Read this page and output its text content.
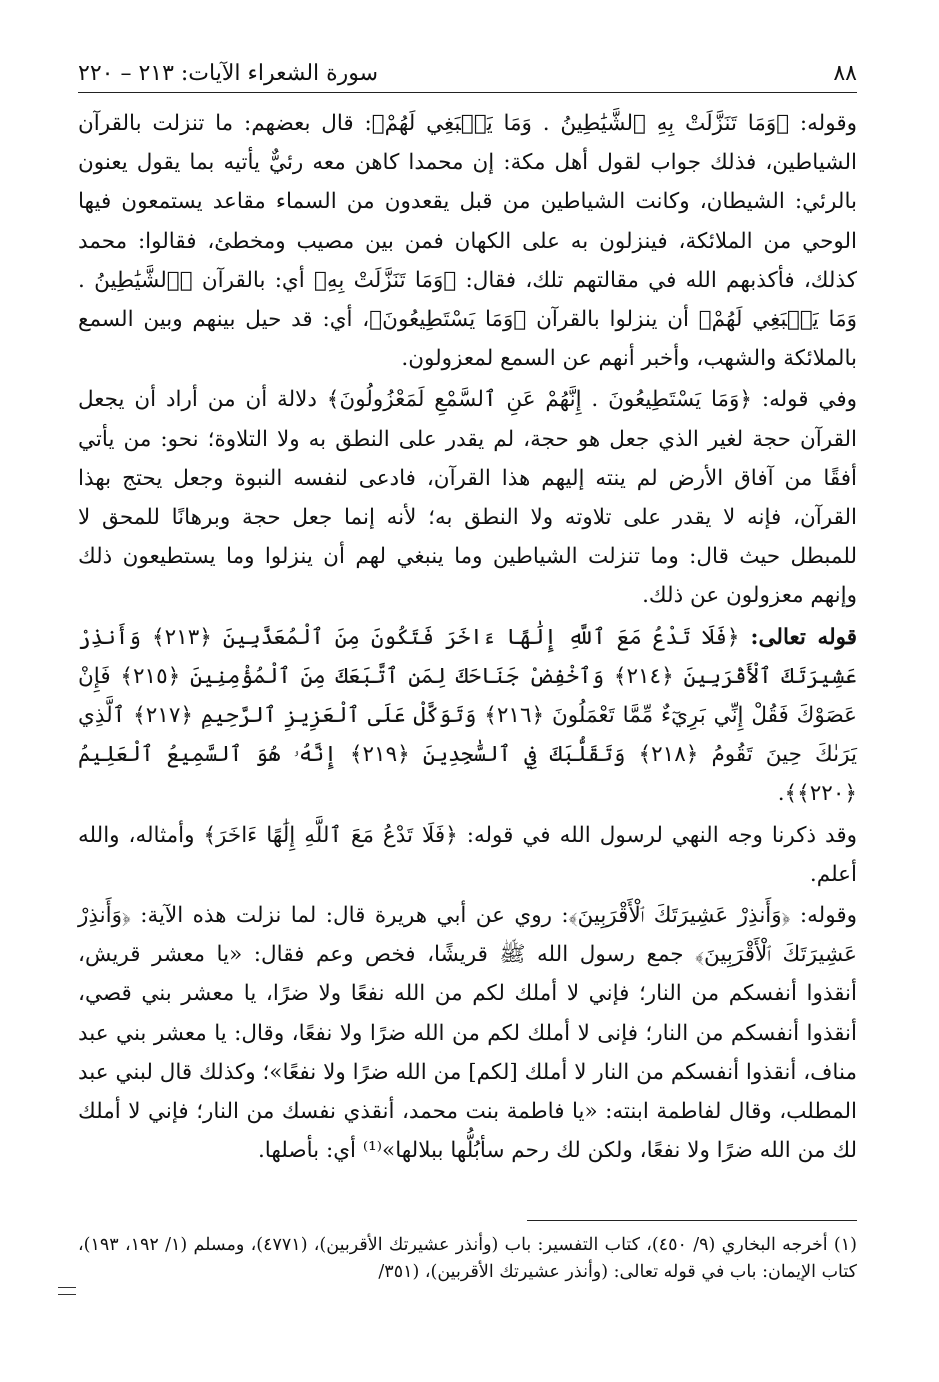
سورة الشعراء الآيات: ٢١٣ – ٢٢٠	٨٨

وقوله: ﴿وَمَا تَنَزَّلَتْ بِهِ ٱلشَّيَٰطِينُ . وَمَا يَنۢبَغِي لَهُمْ﴾: قال بعضهم: ما تنزلت بالقرآن الشياطين، فذلك جواب لقول أهل مكة: إن محمدا كاهن معه رئيٌّ يأتيه بما يقول يعنون بالرئي: الشيطان، وكانت الشياطين من قبل يقعدون من السماء مقاعد يستمعون فيها الوحي من الملائكة، فينزلون به على الكهان فمن بين مصيب ومخطئ، فقالوا: محمد كذلك، فأكذبهم الله في مقالتهم تلك، فقال: ﴿وَمَا تَنَزَّلَتْ بِهِ﴾ أي: بالقرآن ﴿ٱلشَّيَٰطِينُ . وَمَا يَنۢبَغِي لَهُمْ﴾ أن ينزلوا بالقرآن ﴿وَمَا يَسْتَطِيعُونَ﴾، أي: قد حيل بينهم وبين السمع بالملائكة والشهب، وأخبر أنهم عن السمع لمعزولون.

وفي قوله: ﴿وَمَا يَسْتَطِيعُونَ . إِنَّهُمْ عَنِ ٱلسَّمْعِ لَمَعْزُولُونَ﴾ دلالة أن من أراد أن يجعل القرآن حجة لغير الذي جعل هو حجة، لم يقدر على النطق به ولا التلاوة؛ نحو: من يأتي أفقًا من آفاق الأرض لم ينته إليهم هذا القرآن، فادعى لنفسه النبوة وجعل يحتج بهذا القرآن، فإنه لا يقدر على تلاوته ولا النطق به؛ لأنه إنما جعل حجة وبرهانًا للمحق لا للمبطل حيث قال: وما تنزلت الشياطين وما ينبغي لهم أن ينزلوا وما يستطيعون ذلك وإنهم معزولون عن ذلك.

قوله تعالى: ﴿فَلَا تَدْعُ مَعَ ٱللَّهِ إِلَٰهًا ءَاخَرَ فَتَكُونَ مِنَ ٱلْمُعَذَّبِينَ ﴿٢١٣﴾ وَأَنذِرْ عَشِيرَتَكَ ٱلْأَقْرَبِينَ ﴿٢١٤﴾ وَٱخْفِضْ جَنَاحَكَ لِمَنِ ٱتَّبَعَكَ مِنَ ٱلْمُؤْمِنِينَ ﴿٢١٥﴾ فَإِنْ عَصَوْكَ فَقُلْ إِنِّي بَرِيٓءٌ مِّمَّا تَعْمَلُونَ ﴿٢١٦﴾ وَتَوَكَّلْ عَلَى ٱلْعَزِيزِ ٱلرَّحِيمِ ﴿٢١٧﴾ ٱلَّذِي يَرَىٰكَ حِينَ تَقُومُ ﴿٢١٨﴾ وَتَقَلُّبَكَ فِي ٱلسَّٰجِدِينَ ﴿٢١٩﴾ إِنَّهُۥ هُوَ ٱلسَّمِيعُ ٱلْعَلِيمُ ﴿٢٢٠﴾﴾.

وقد ذكرنا وجه النهي لرسول الله في قوله: ﴿فَلَا تَدْعُ مَعَ ٱللَّهِ إِلَٰهًا ءَاخَرَ﴾ وأمثاله، والله أعلم.

وقوله: ﴿وَأَنذِرْ عَشِيرَتَكَ ٱلْأَقْرَبِينَ﴾: روي عن أبي هريرة قال: لما نزلت هذه الآية: ﴿وَأَنذِرْ عَشِيرَتَكَ ٱلْأَقْرَبِينَ﴾ جمع رسول الله ﷺ قريشًا، فخص وعم فقال: «يا معشر قريش، أنقذوا أنفسكم من النار؛ فإني لا أملك لكم من الله نفعًا ولا ضرًا، يا معشر بني قصي، أنقذوا أنفسكم من النار؛ فإنى لا أملك لكم من الله ضرًا ولا نفعًا، وقال: يا معشر بني عبد مناف، أنقذوا أنفسكم من النار لا أملك [لكم] من الله ضرًا ولا نفعًا»؛ وكذلك قال لبني عبد المطلب، وقال لفاطمة ابنته: «يا فاطمة بنت محمد، أنقذي نفسك من النار؛ فإني لا أملك لك من الله ضرًا ولا نفعًا، ولكن لك رحم سأبُلُّها ببلالها»⁽¹⁾ أي: بأصلها.

(١) أخرجه البخاري (٩/ ٤٥٠)، كتاب التفسير: باب (وأنذر عشيرتك الأقربين)، (٤٧٧١)، ومسلم (١/ ١٩٢، ١٩٣)، كتاب الإيمان: باب في قوله تعالى: (وأنذر عشيرتك الأقربين)، (٣٥١/
